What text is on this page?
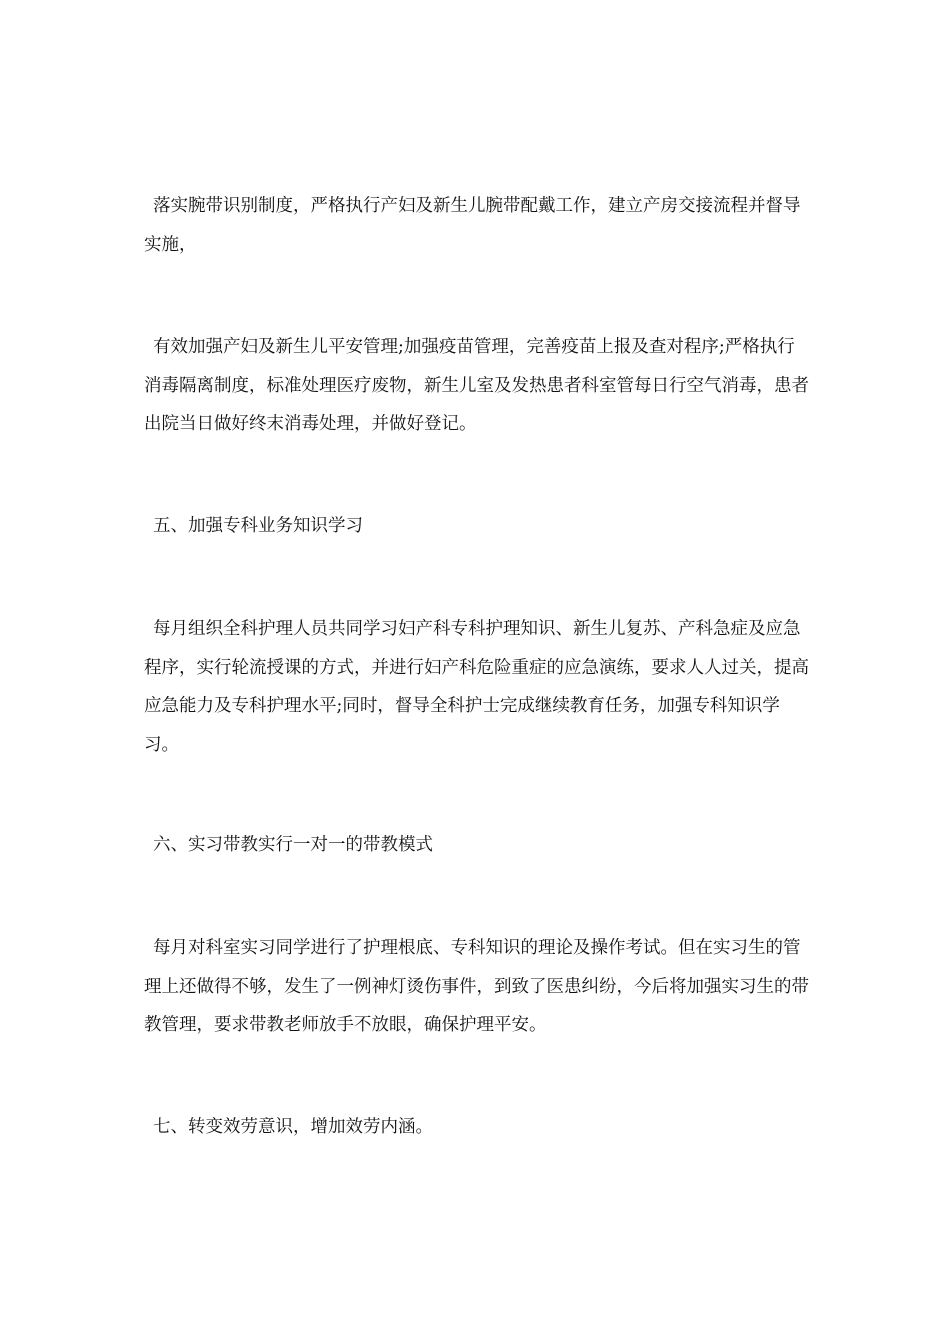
落实腕带识别制度，严格执行产妇及新生儿腕带配戴工作，建立产房交接流程并督导实施，

有效加强产妇及新生儿平安管理;加强疫苗管理，完善疫苗上报及查对程序;严格执行消毒隔离制度，标准处理医疗废物，新生儿室及发热患者科室管每日行空气消毒，患者出院当日做好终末消毒处理，并做好登记。

五、加强专科业务知识学习

每月组织全科护理人员共同学习妇产科专科护理知识、新生儿复苏、产科急症及应急程序，实行轮流授课的方式，并进行妇产科危险重症的应急演练，要求人人过关，提高应急能力及专科护理水平;同时，督导全科护士完成继续教育任务，加强专科知识学习。

六、实习带教实行一对一的带教模式

每月对科室实习同学进行了护理根底、专科知识的理论及操作考试。但在实习生的管理上还做得不够，发生了一例神灯烫伤事件，到致了医患纠纷，今后将加强实习生的带教管理，要求带教老师放手不放眼，确保护理平安。

七、转变效劳意识，增加效劳内涵。
